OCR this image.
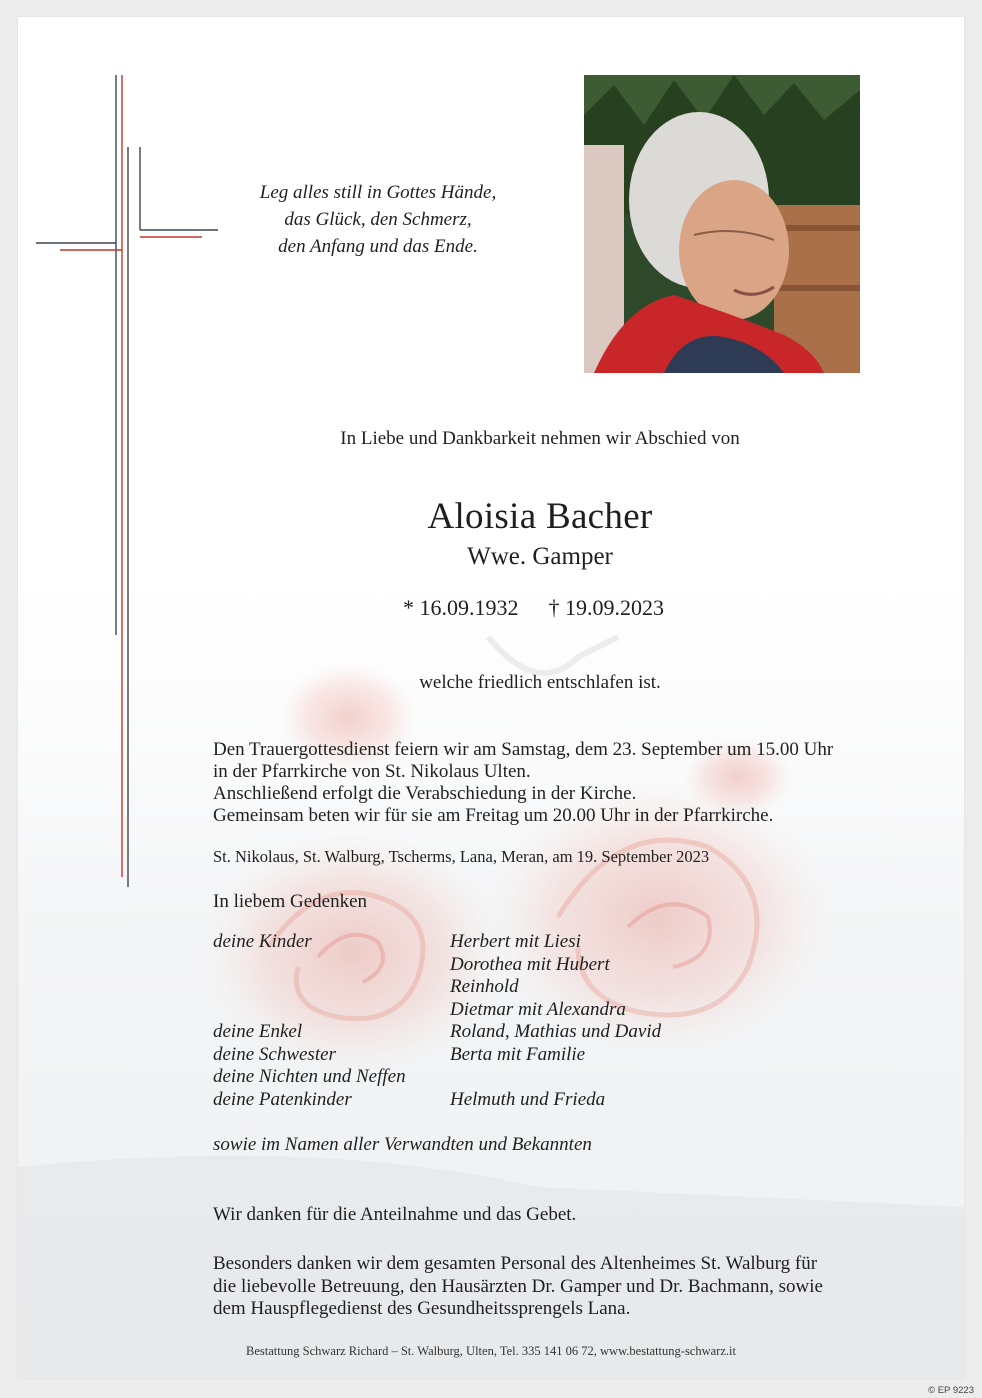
Leg alles still in Gottes Hände,
das Glück, den Schmerz,
den Anfang und das Ende.

In Liebe und Dankbarkeit nehmen wir Abschied von

Aloisia Bacher

Wwe. Gamper

* 16.09.1932 † 19.09.2023

welche friedlich entschlafen ist.

Den Trauergottesdienst feiern wir am Samstag, dem 23. September um 15.00 Uhr
in der Pfarrkirche von St. Nikolaus Ulten.
Anschließend erfolgt die Verabschiedung in der Kirche.
Gemeinsam beten wir für sie am Freitag um 20.00 Uhr in der Pfarrkirche.

St. Nikolaus, St. Walburg, Tscherms, Lana, Meran, am 19. September 2023

In liebem Gedenken

deine Kinder	Herbert mit Liesi
Dorothea mit Hubert
Reinhold
Dietmar mit Alexandra
deine Enkel	Roland, Mathias und David
deine Schwester	Berta mit Familie
deine Nichten und Neffen
deine Patenkinder	Helmuth und Frieda

sowie im Namen aller Verwandten und Bekannten

Wir danken für die Anteilnahme und das Gebet.

Besonders danken wir dem gesamten Personal des Altenheimes St. Walburg für
die liebevolle Betreuung, den Hausärzten Dr. Gamper und Dr. Bachmann, sowie
dem Hauspflegedienst des Gesundheitssprengels Lana.

Bestattung Schwarz Richard – St. Walburg, Ulten, Tel. 335 141 06 72, www.bestattung-schwarz.it

© EP 9223
